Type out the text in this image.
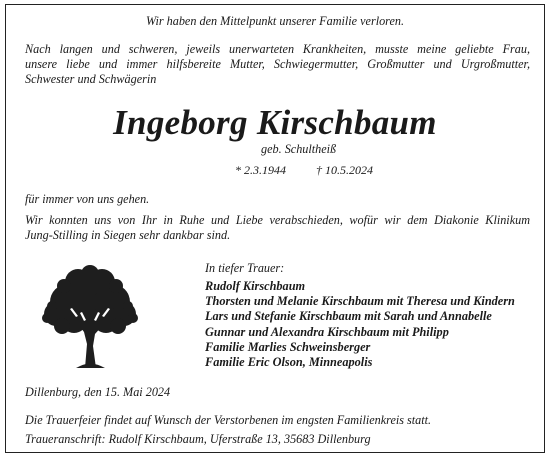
Wir haben den Mittelpunkt unserer Familie verloren.
Nach langen und schweren, jeweils unerwarteten Krankheiten, musste meine geliebte Frau,
unsere liebe und immer hilfsbereite Mutter, Schwiegermutter, Großmutter und Urgroßmutter,
Schwester und Schwägerin
Ingeborg Kirschbaum
geb. Schultheiß
* 2.3.1944	† 10.5.2024
für immer von uns gehen.
Wir konnten uns von Ihr in Ruhe und Liebe verabschieden, wofür wir dem Diakonie Klinikum
Jung-Stilling in Siegen sehr dankbar sind.
In tiefer Trauer:
Rudolf Kirschbaum
Thorsten und Melanie Kirschbaum mit Theresa und Kindern
Lars und Stefanie Kirschbaum mit Sarah und Annabelle
Gunnar und Alexandra Kirschbaum mit Philipp
Familie Marlies Schweinsberger
Familie Eric Olson, Minneapolis
Dillenburg, den 15. Mai 2024
Die Trauerfeier findet auf Wunsch der Verstorbenen im engsten Familienkreis statt.
Traueranschrift: Rudolf Kirschbaum, Uferstraße 13, 35683 Dillenburg
